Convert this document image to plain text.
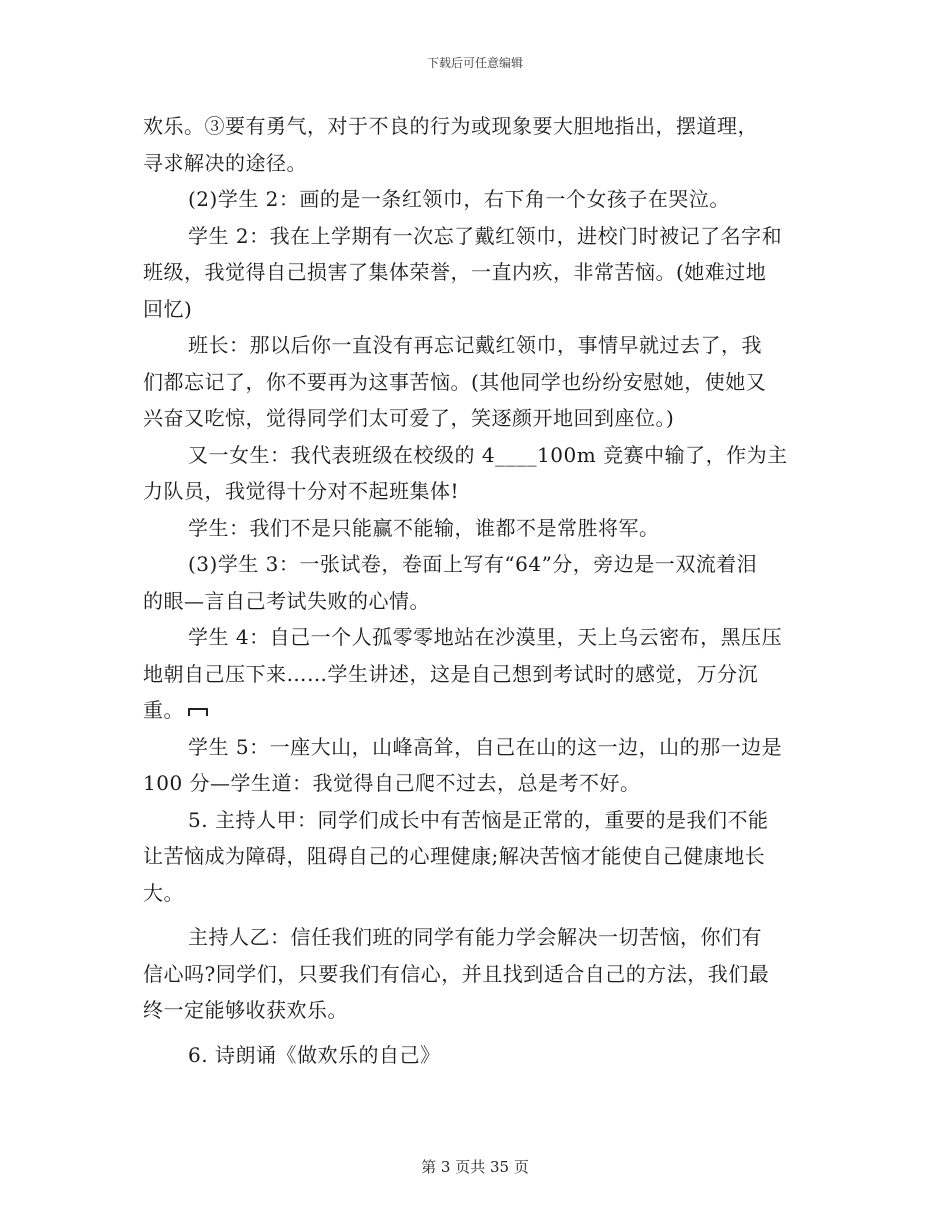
下载后可任意编辑
欢乐。③要有勇气，对于不良的行为或现象要大胆地指出，摆道理，
寻求解决的途径。
(2)学生 2：画的是一条红领巾，右下角一个女孩子在哭泣。
学生 2：我在上学期有一次忘了戴红领巾，进校门时被记了名字和
班级，我觉得自己损害了集体荣誉，一直内疚，非常苦恼。(她难过地
回忆)
班长：那以后你一直没有再忘记戴红领巾，事情早就过去了，我
们都忘记了，你不要再为这事苦恼。(其他同学也纷纷安慰她，使她又
兴奋又吃惊，觉得同学们太可爱了，笑逐颜开地回到座位。)
又一女生：我代表班级在校级的 4____100m 竞赛中输了，作为主
力队员，我觉得十分对不起班集体!
学生：我们不是只能赢不能输，谁都不是常胜将军。
(3)学生 3：一张试卷，卷面上写有“64”分，旁边是一双流着泪
的眼—言自己考试失败的心情。
学生 4：自己一个人孤零零地站在沙漠里，天上乌云密布，黑压压
地朝自己压下来……学生讲述，这是自己想到考试时的感觉，万分沉
重。
学生 5：一座大山，山峰高耸，自己在山的这一边，山的那一边是
100 分—学生道：我觉得自己爬不过去，总是考不好。
5. 主持人甲：同学们成长中有苦恼是正常的，重要的是我们不能
让苦恼成为障碍，阻碍自己的心理健康;解决苦恼才能使自己健康地长
大。
主持人乙：信任我们班的同学有能力学会解决一切苦恼，你们有
信心吗?同学们，只要我们有信心，并且找到适合自己的方法，我们最
终一定能够收获欢乐。
6. 诗朗诵《做欢乐的自己》
第 3 页共 35 页
